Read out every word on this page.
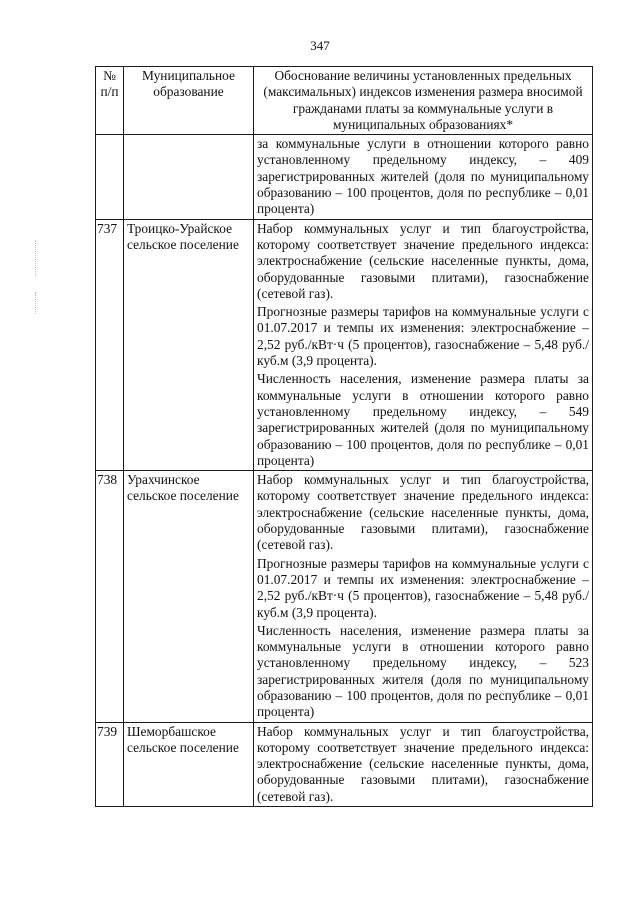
347
№ п/п	Муниципальное образование	Обоснование величины установленных предельных (максимальных) индексов изменения размера вносимой гражданами платы за коммунальные услуги в муниципальных образованиях*

		за коммунальные услуги в отношении которого равно установленному предельному индексу, – 409 зарегистрированных жителей (доля по муниципальному образованию – 100 процентов, доля по республике – 0,01 процента)

737	Троицко-Урайское сельское поселение	Набор коммунальных услуг и тип благоустройства, которому соответствует значение предельного индекса: электроснабжение (сельские населенные пункты, дома, оборудованные газовыми плитами), газоснабжение (сетевой газ).

Прогнозные размеры тарифов на коммунальные услуги с 01.07.2017 и темпы их изменения: электроснабжение – 2,52 руб./кВт·ч (5 процентов), газоснабжение – 5,48 руб./куб.м (3,9 процента).

Численность населения, изменение размера платы за коммунальные услуги в отношении которого равно установленному предельному индексу, – 549 зарегистрированных жителей (доля по муниципальному образованию – 100 процентов, доля по республике – 0,01 процента)

738	Урахчинское сельское поселение	Набор коммунальных услуг и тип благоустройства, которому соответствует значение предельного индекса: электроснабжение (сельские населенные пункты, дома, оборудованные газовыми плитами), газоснабжение (сетевой газ).

Прогнозные размеры тарифов на коммунальные услуги с 01.07.2017 и темпы их изменения: электроснабжение – 2,52 руб./кВт·ч (5 процентов), газоснабжение – 5,48 руб./куб.м (3,9 процента).

Численность населения, изменение размера платы за коммунальные услуги в отношении которого равно установленному предельному индексу, – 523 зарегистрированных жителя (доля по муниципальному образованию – 100 процентов, доля по республике – 0,01 процента)

739	Шеморбашское сельское поселение	Набор коммунальных услуг и тип благоустройства, которому соответствует значение предельного индекса: электроснабжение (сельские населенные пункты, дома, оборудованные газовыми плитами), газоснабжение (сетевой газ).
